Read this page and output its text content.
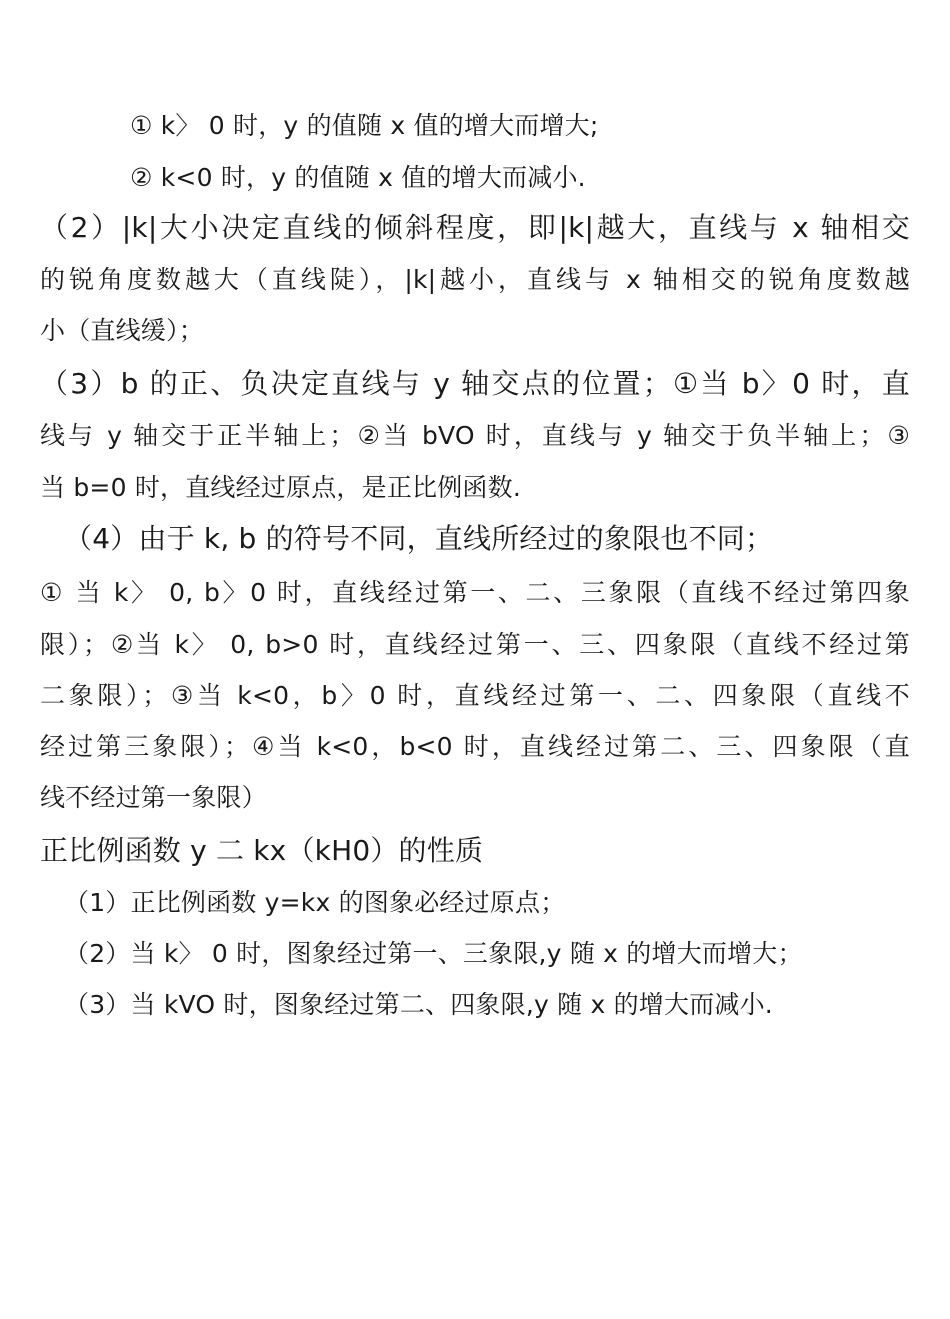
① k〉 0 时，y 的值随 x 值的增大而增大;
② k<0 时，y 的值随 x 值的增大而减小.
（2）|k|大小决定直线的倾斜程度，即|k|越大，直线与 x 轴相交
的锐角度数越大（直线陡），|k|越小，直线与 x 轴相交的锐角度数越
小（直线缓）；
（3）b 的正、负决定直线与 y 轴交点的位置；①当 b〉0 时，直
线与 y 轴交于正半轴上；②当 bVO 时，直线与 y 轴交于负半轴上；③
当 b=0 时，直线经过原点，是正比例函数.
（4）由于 k, b 的符号不同，直线所经过的象限也不同；
① 当 k〉 0, b〉0 时，直线经过第一、二、三象限（直线不经过第四象
限）；②当 k〉 0, b>0 时，直线经过第一、三、四象限（直线不经过第
二象限）；③当 k<0，b〉0 时，直线经过第一、二、四象限（直线不
经过第三象限）；④当 k<0，b<0 时，直线经过第二、三、四象限（直
线不经过第一象限）
正比例函数 y 二 kx（kH0）的性质
（1）正比例函数 y=kx 的图象必经过原点；
（2）当 k〉 0 时，图象经过第一、三象限,y 随 x 的增大而增大；
（3）当 kVO 时，图象经过第二、四象限,y 随 x 的增大而减小.
